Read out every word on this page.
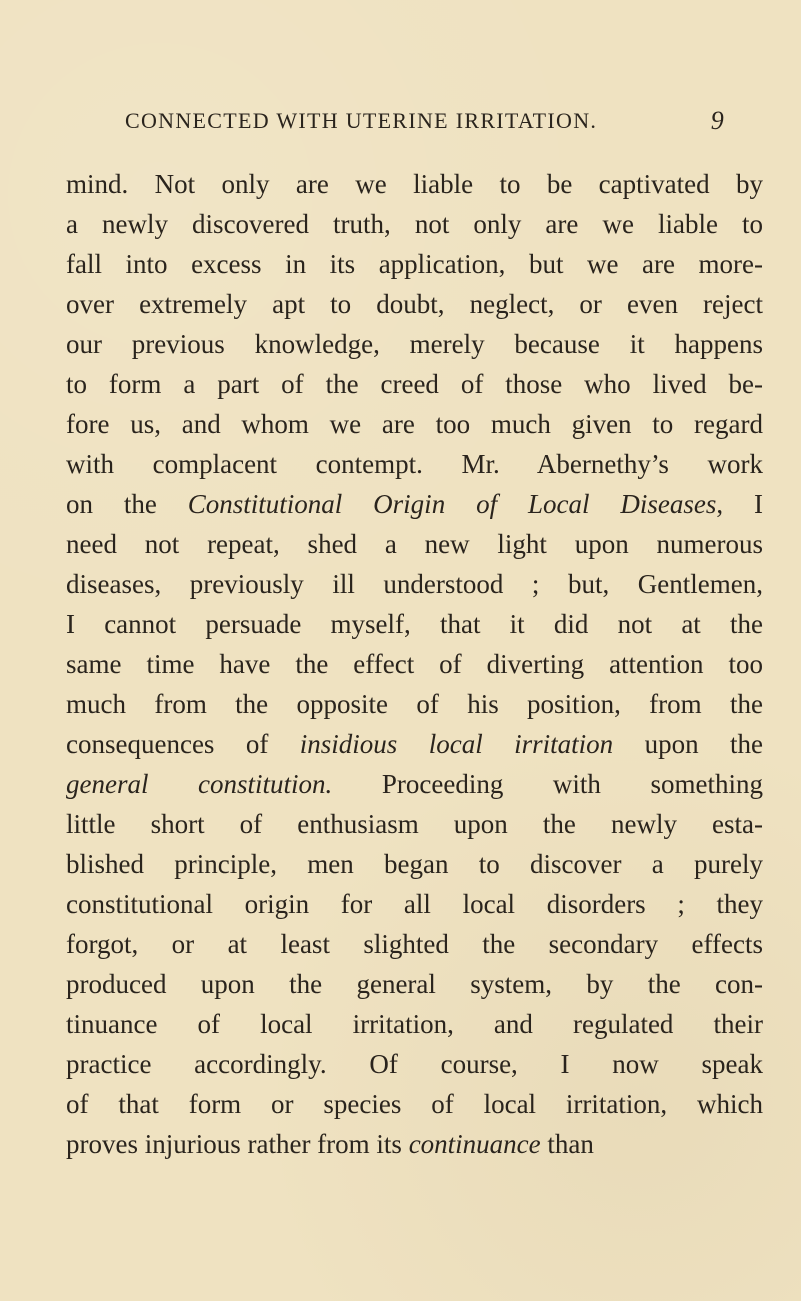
CONNECTED WITH UTERINE IRRITATION.	9
mind. Not only are we liable to be captivated by
a newly discovered truth, not only are we liable to
fall into excess in its application, but we are more-
over extremely apt to doubt, neglect, or even reject
our previous knowledge, merely because it happens
to form a part of the creed of those who lived be-
fore us, and whom we are too much given to regard
with complacent contempt. Mr. Abernethy’s work
on the Constitutional Origin of Local Diseases, I
need not repeat, shed a new light upon numerous
diseases, previously ill understood ; but, Gentlemen,
I cannot persuade myself, that it did not at the
same time have the effect of diverting attention too
much from the opposite of his position, from the
consequences of insidious local irritation upon the
general constitution. Proceeding with something
little short of enthusiasm upon the newly esta-
blished principle, men began to discover a purely
constitutional origin for all local disorders ; they
forgot, or at least slighted the secondary effects
produced upon the general system, by the con-
tinuance of local irritation, and regulated their
practice accordingly. Of course, I now speak
of that form or species of local irritation, which
proves injurious rather from its continuance than
